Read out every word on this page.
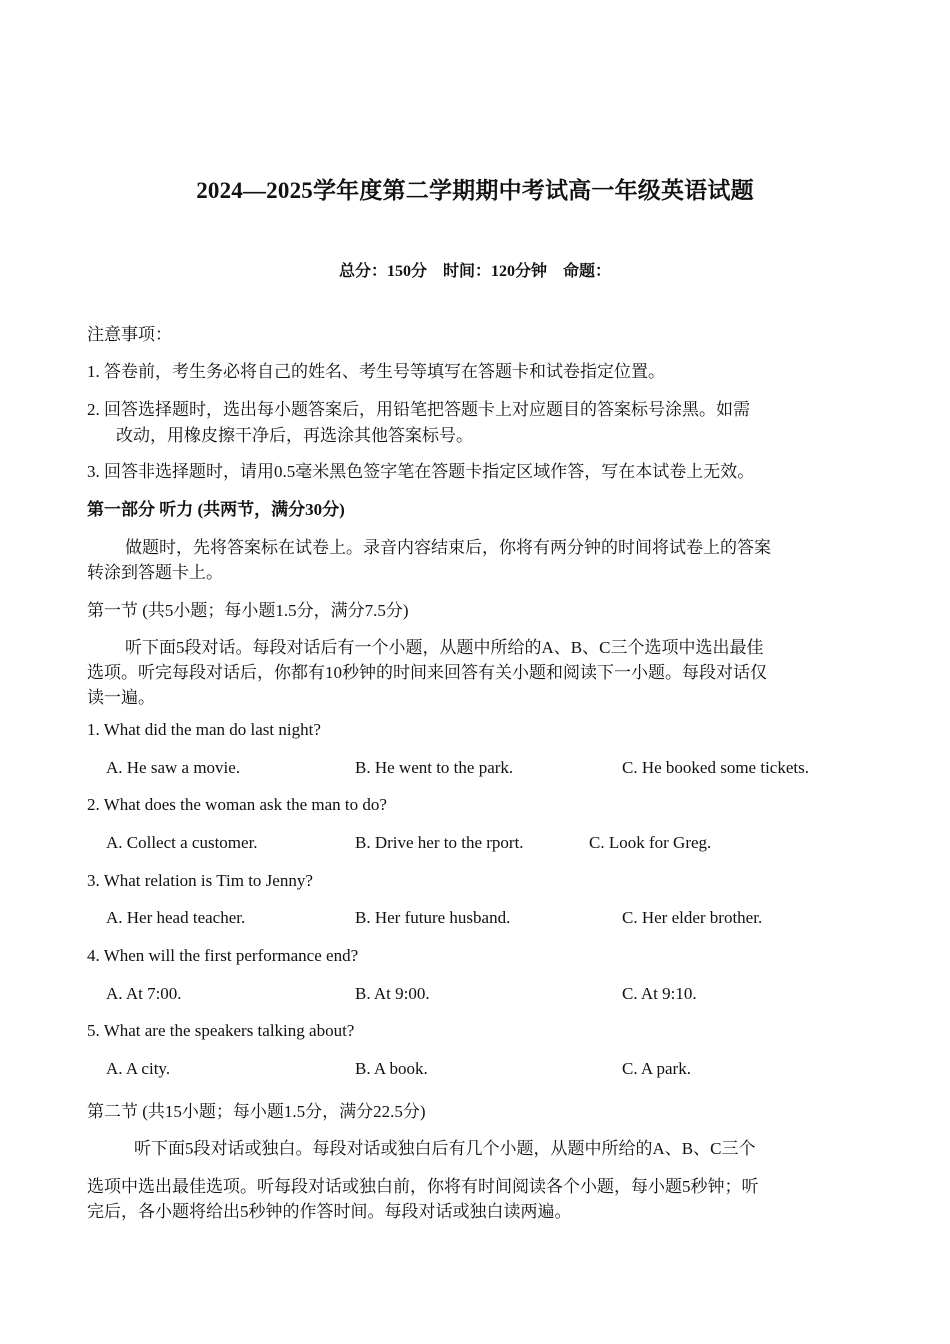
2024—2025学年度第二学期期中考试高一年级英语试题
总分：150分　时间：120分钟　命题：
注意事项：
1. 答卷前，考生务必将自己的姓名、考生号等填写在答题卡和试卷指定位置。
2. 回答选择题时，选出每小题答案后，用铅笔把答题卡上对应题目的答案标号涂黑。如需
改动，用橡皮擦干净后，再选涂其他答案标号。
3. 回答非选择题时，请用0.5毫米黑色签字笔在答题卡指定区域作答，写在本试卷上无效。
第一部分 听力 (共两节，满分30分)
做题时，先将答案标在试卷上。录音内容结束后，你将有两分钟的时间将试卷上的答案
转涂到答题卡上。
第一节 (共5小题；每小题1.5分，满分7.5分)
听下面5段对话。每段对话后有一个小题，从题中所给的A、B、C三个选项中选出最佳
选项。听完每段对话后，你都有10秒钟的时间来回答有关小题和阅读下一小题。每段对话仅
读一遍。
1. What did the man do last night?
A. He saw a movie.	B. He went to the park.	C. He booked some tickets.
2. What does the woman ask the man to do?
A. Collect a customer.	B. Drive her to the rport.	C. Look for Greg.
3. What relation is Tim to Jenny?
A. Her head teacher.	B. Her future husband.	C. Her elder brother.
4. When will the first performance end?
A. At 7:00.	B. At 9:00.	C. At 9:10.
5. What are the speakers talking about?
A. A city.	B. A book.	C. A park.
第二节 (共15小题；每小题1.5分，满分22.5分)
听下面5段对话或独白。每段对话或独白后有几个小题，从题中所给的A、B、C三个
选项中选出最佳选项。听每段对话或独白前，你将有时间阅读各个小题，每小题5秒钟；听
完后，各小题将给出5秒钟的作答时间。每段对话或独白读两遍。
